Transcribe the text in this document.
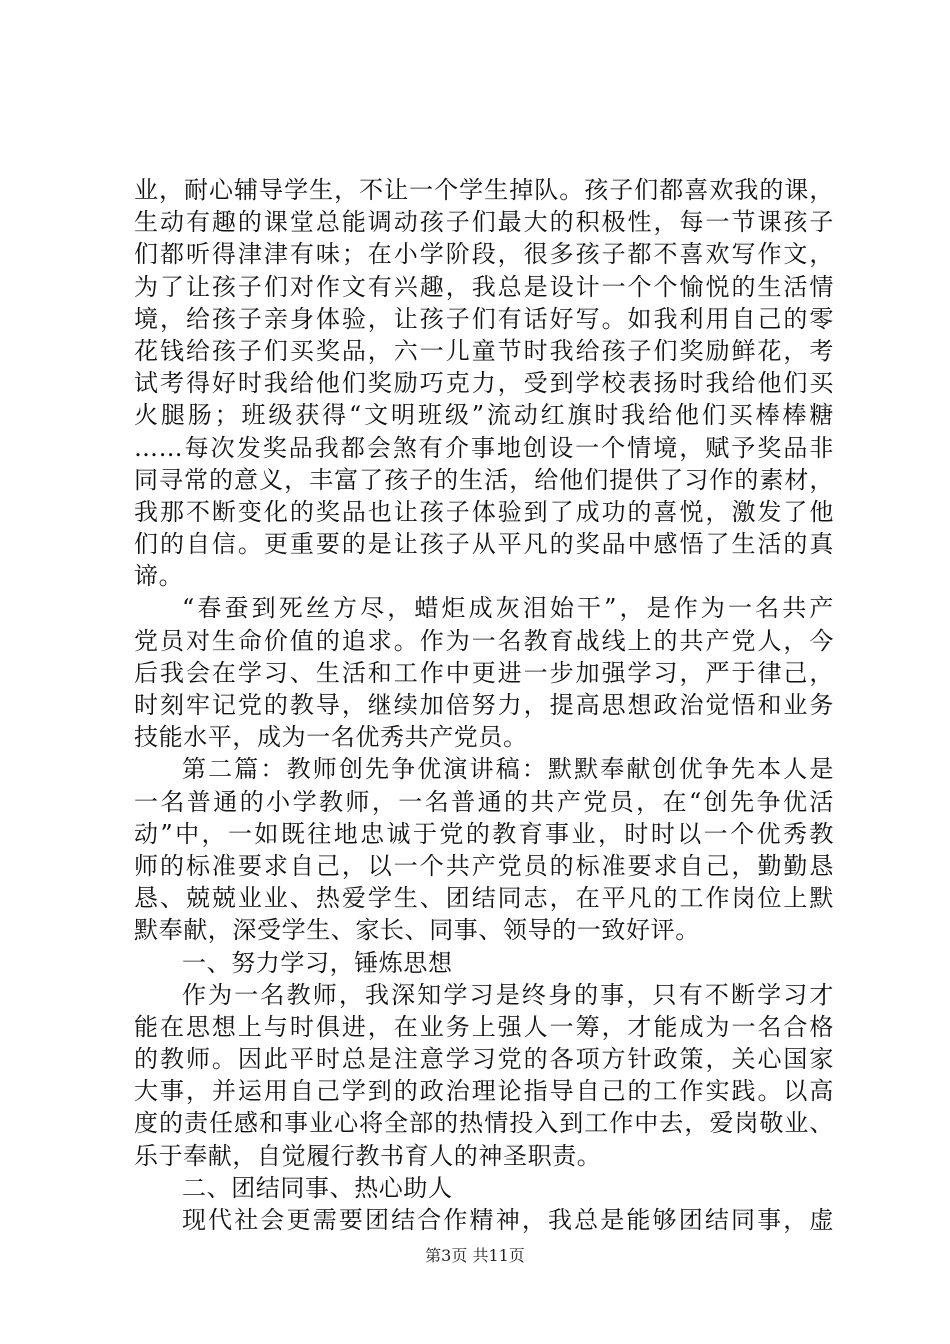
业，耐心辅导学生，不让一个学生掉队。孩子们都喜欢我的课，
生动有趣的课堂总能调动孩子们最大的积极性，每一节课孩子
们都听得津津有味；在小学阶段，很多孩子都不喜欢写作文，
为了让孩子们对作文有兴趣，我总是设计一个个愉悦的生活情
境，给孩子亲身体验，让孩子们有话好写。如我利用自己的零
花钱给孩子们买奖品，六一儿童节时我给孩子们奖励鲜花，考
试考得好时我给他们奖励巧克力，受到学校表扬时我给他们买
火腿肠；班级获得“文明班级”流动红旗时我给他们买棒棒糖
……每次发奖品我都会煞有介事地创设一个情境，赋予奖品非
同寻常的意义，丰富了孩子的生活，给他们提供了习作的素材，
我那不断变化的奖品也让孩子体验到了成功的喜悦，激发了他
们的自信。更重要的是让孩子从平凡的奖品中感悟了生活的真
谛。
“春蚕到死丝方尽，蜡炬成灰泪始干”，是作为一名共产
党员对生命价值的追求。作为一名教育战线上的共产党人，今
后我会在学习、生活和工作中更进一步加强学习，严于律己，
时刻牢记党的教导，继续加倍努力，提高思想政治觉悟和业务
技能水平，成为一名优秀共产党员。
第二篇：教师创先争优演讲稿：默默奉献创优争先本人是
一名普通的小学教师，一名普通的共产党员，在“创先争优活
动”中，一如既往地忠诚于党的教育事业，时时以一个优秀教
师的标准要求自己，以一个共产党员的标准要求自己，勤勤恳
恳、兢兢业业、热爱学生、团结同志，在平凡的工作岗位上默
默奉献，深受学生、家长、同事、领导的一致好评。
一、努力学习，锤炼思想
作为一名教师，我深知学习是终身的事，只有不断学习才
能在思想上与时俱进，在业务上强人一筹，才能成为一名合格
的教师。因此平时总是注意学习党的各项方针政策，关心国家
大事，并运用自己学到的政治理论指导自己的工作实践。以高
度的责任感和事业心将全部的热情投入到工作中去，爱岗敬业、
乐于奉献，自觉履行教书育人的神圣职责。
二、团结同事、热心助人
现代社会更需要团结合作精神，我总是能够团结同事，虚
第3页 共11页
